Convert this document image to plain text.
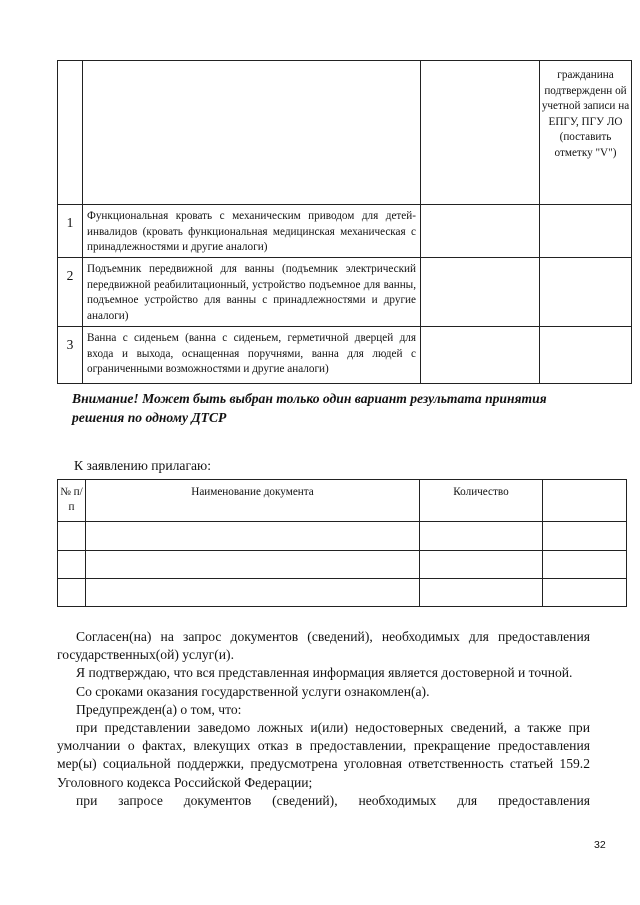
			гражданина подтвержденн ой учетной записи на ЕПГУ, ПГУ ЛО (поставить отметку "V")
1	Функциональная кровать с механическим приводом для детей-инвалидов (кровать функциональная медицинская механическая с принадлежностями и другие аналоги)		
2	Подъемник передвижной для ванны (подъемник электрический передвижной реабилитационный, устройство подъемное для ванны, подъемное устройство для ванны с принадлежностями и другие аналоги)		
3	Ванна с сиденьем (ванна с сиденьем, герметичной дверцей для входа и выхода, оснащенная поручнями, ванна для людей с ограниченными возможностями и другие аналоги)		

Внимание! Может быть выбран только один вариант результата принятия решения по одному ДТСР

К заявлению прилагаю:

№ п/п	Наименование документа	Количество	

Согласен(на) на запрос документов (сведений), необходимых для предоставления государственных(ой) услуг(и).

Я подтверждаю, что вся представленная информация является достоверной и точной.

Со сроками оказания государственной услуги ознакомлен(а).

Предупрежден(а) о том, что:

при представлении заведомо ложных и(или) недостоверных сведений, а также при умолчании о фактах, влекущих отказ в предоставлении, прекращение предоставления мер(ы) социальной поддержки, предусмотрена уголовная ответственность статьей 159.2 Уголовного кодекса Российской Федерации;

при запросе документов (сведений), необходимых для предоставления

32
